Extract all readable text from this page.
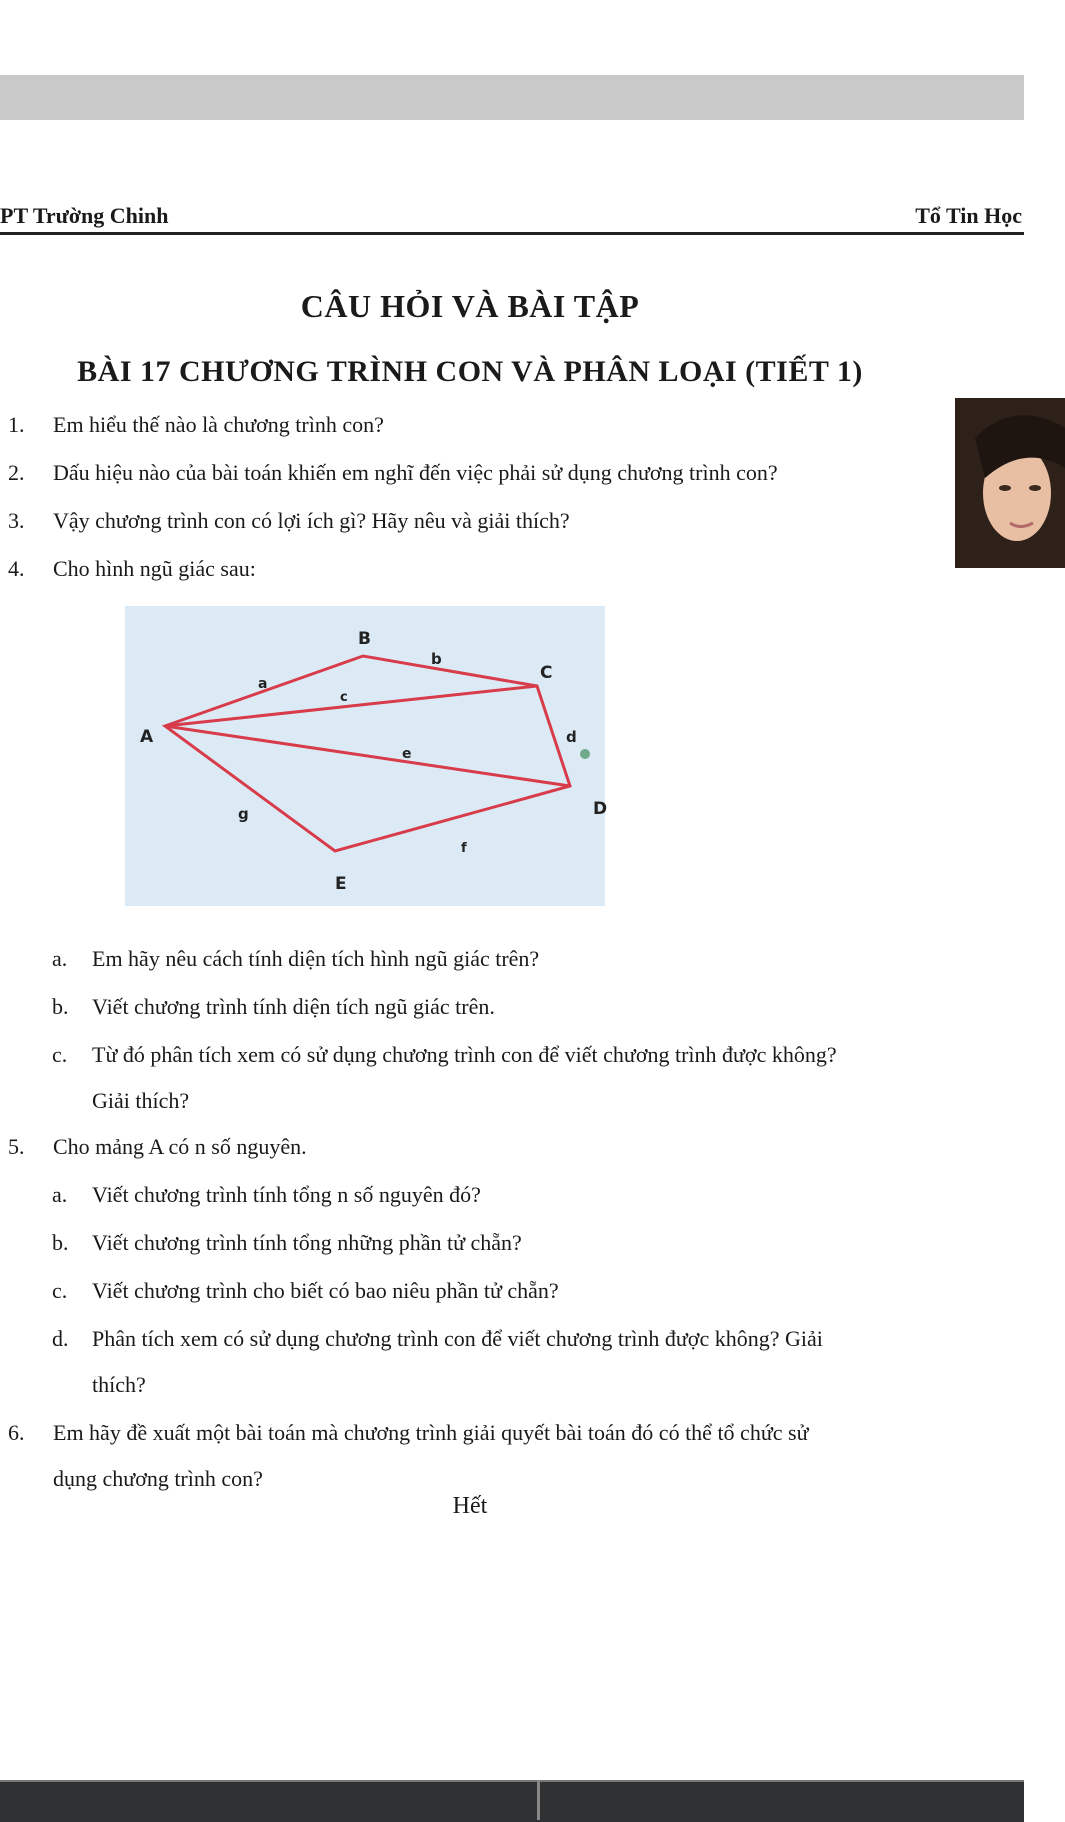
PT Trường Chinh	Tổ Tin Học
CÂU HỎI VÀ BÀI TẬP
BÀI 17 CHƯƠNG TRÌNH CON VÀ PHÂN LOẠI (TIẾT 1)
1. Em hiểu thế nào là chương trình con?
2. Dấu hiệu nào của bài toán khiến em nghĩ đến việc phải sử dụng chương trình con?
3. Vậy chương trình con có lợi ích gì? Hãy nêu và giải thích?
4. Cho hình ngũ giác sau:
B
C
A
D
E
a
b
c
d
e
g
f
a. Em hãy nêu cách tính diện tích hình ngũ giác trên?
b. Viết chương trình tính diện tích ngũ giác trên.
c. Từ đó phân tích xem có sử dụng chương trình con để viết chương trình được không?
Giải thích?
5. Cho mảng A có n số nguyên.
a. Viết chương trình tính tổng n số nguyên đó?
b. Viết chương trình tính tổng những phần tử chẵn?
c. Viết chương trình cho biết có bao niêu phần tử chẵn?
d. Phân tích xem có sử dụng chương trình con để viết chương trình được không? Giải
thích?
6. Em hãy đề xuất một bài toán mà chương trình giải quyết bài toán đó có thể tổ chức sử
dụng chương trình con?
Hết
